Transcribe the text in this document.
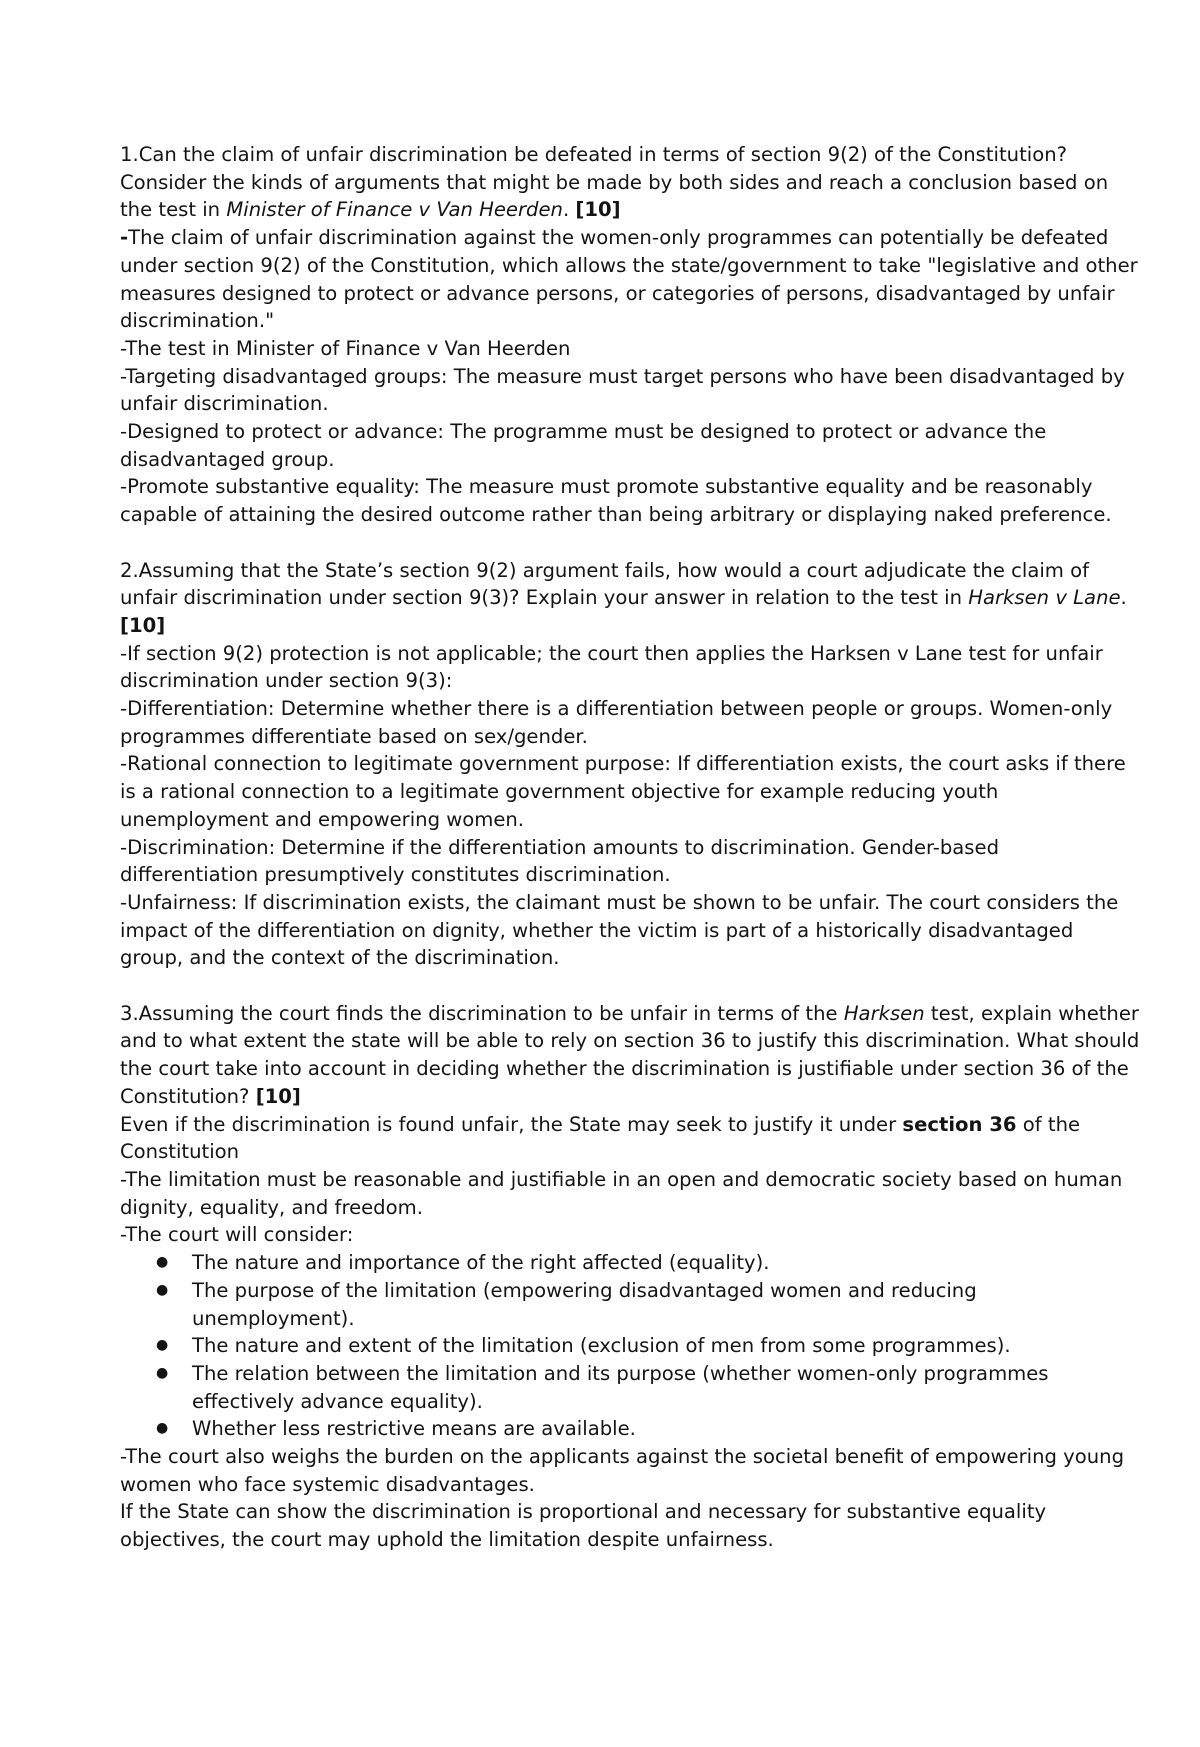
1.Can the claim of unfair discrimination be defeated in terms of section 9(2) of the Constitution?

Consider the kinds of arguments that might be made by both sides and reach a conclusion based on the test in Minister of Finance v Van Heerden. [10]

-The claim of unfair discrimination against the women-only programmes can potentially be defeated under section 9(2) of the Constitution, which allows the state/government to take "legislative and other measures designed to protect or advance persons, or categories of persons, disadvantaged by unfair discrimination."

-The test in Minister of Finance v Van Heerden

-Targeting disadvantaged groups: The measure must target persons who have been disadvantaged by unfair discrimination.

-Designed to protect or advance: The programme must be designed to protect or advance the disadvantaged group.

-Promote substantive equality: The measure must promote substantive equality and be reasonably capable of attaining the desired outcome rather than being arbitrary or displaying naked preference.

2.Assuming that the State’s section 9(2) argument fails, how would a court adjudicate the claim of unfair discrimination under section 9(3)? Explain your answer in relation to the test in Harksen v Lane. [10]

-If section 9(2) protection is not applicable; the court then applies the Harksen v Lane test for unfair discrimination under section 9(3):

-Differentiation: Determine whether there is a differentiation between people or groups. Women-only programmes differentiate based on sex/gender.

-Rational connection to legitimate government purpose: If differentiation exists, the court asks if there is a rational connection to a legitimate government objective for example reducing youth unemployment and empowering women.

-Discrimination: Determine if the differentiation amounts to discrimination. Gender-based differentiation presumptively constitutes discrimination.

-Unfairness: If discrimination exists, the claimant must be shown to be unfair. The court considers the impact of the differentiation on dignity, whether the victim is part of a historically disadvantaged group, and the context of the discrimination.

3.Assuming the court finds the discrimination to be unfair in terms of the Harksen test, explain whether and to what extent the state will be able to rely on section 36 to justify this discrimination. What should the court take into account in deciding whether the discrimination is justifiable under section 36 of the Constitution? [10]

Even if the discrimination is found unfair, the State may seek to justify it under section 36 of the Constitution

-The limitation must be reasonable and justifiable in an open and democratic society based on human dignity, equality, and freedom.

-The court will consider:

● The nature and importance of the right affected (equality).
● The purpose of the limitation (empowering disadvantaged women and reducing unemployment).
● The nature and extent of the limitation (exclusion of men from some programmes).
● The relation between the limitation and its purpose (whether women-only programmes effectively advance equality).
● Whether less restrictive means are available.

-The court also weighs the burden on the applicants against the societal benefit of empowering young women who face systemic disadvantages.

If the State can show the discrimination is proportional and necessary for substantive equality objectives, the court may uphold the limitation despite unfairness.
